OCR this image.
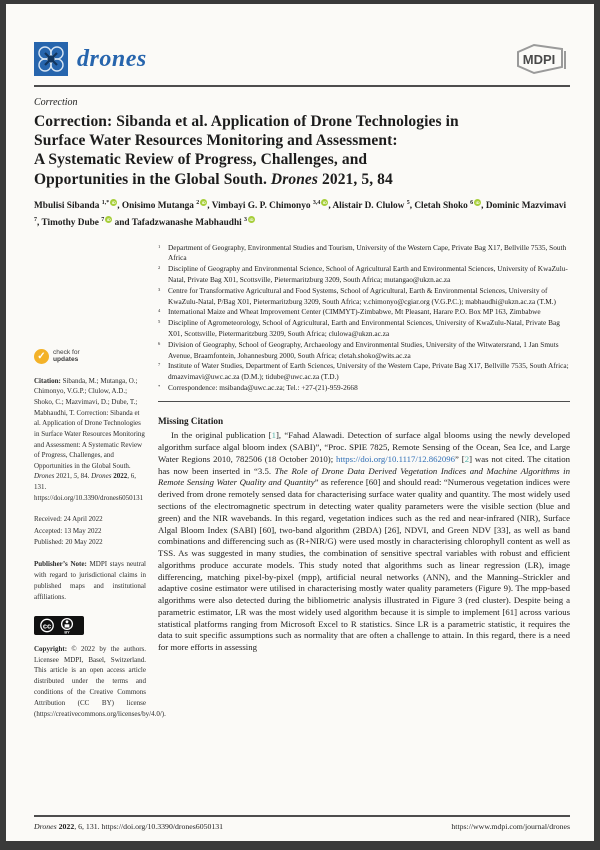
drones	MDPI
Correction
Correction: Sibanda et al. Application of Drone Technologies in
Surface Water Resources Monitoring and Assessment:
A Systematic Review of Progress, Challenges, and
Opportunities in the Global South. Drones 2021, 5, 84
Mbulisi Sibanda $^{1,*}$ iD , Onisimo Mutanga $^2$ iD , Vimbayi G. P. Chimonyo $^{3,4}$ iD , Alistair D. Clulow $^5$, Cletah Shoko $^6$ iD , Dominic Mazvimavi $^7$, Timothy Dube $^7$ iD and Tafadzwanashe Mabhaudhi $^3$ iD
✓	check for
updates
Citation: Sibanda, M.; Mutanga, O.; Chimonyo, V.G.P.; Clulow, A.D.; Shoko, C.; Mazvimavi, D.; Dube, T.; Mabhaudhi, T. Correction: Sibanda et al. Application of Drone Technologies in Surface Water Resources Monitoring and Assessment: A Systematic Review of Progress, Challenges, and Opportunities in the Global South. Drones 2021, 5, 84. Drones 2022, 6, 131. https://doi.org/10.3390/drones6050131
Received: 24 April 2022
Accepted: 13 May 2022
Published: 20 May 2022
Publisher’s Note: MDPI stays neutral with regard to jurisdictional claims in published maps and institutional affiliations.
cc
BY
Copyright: © 2022 by the authors. Licensee MDPI, Basel, Switzerland. This article is an open access article distributed under the terms and conditions of the Creative Commons Attribution (CC BY) license (https://creativecommons.org/licenses/by/4.0/).
$^1$	Department of Geography, Environmental Studies and Tourism, University of the Western Cape, Private Bag X17, Bellville 7535, South Africa
$^2$	Discipline of Geography and Environmental Science, School of Agricultural Earth and Environmental Sciences, University of KwaZulu-Natal, Private Bag X01, Scottsville, Pietermaritzburg 3209, South Africa; mutangao@ukzn.ac.za
$^3$	Centre for Transformative Agricultural and Food Systems, School of Agricultural, Earth & Environmental Sciences, University of KwaZulu-Natal, P/Bag X01, Pietermaritzburg 3209, South Africa; v.chimonyo@cgiar.org (V.G.P.C.); mabhaudhi@ukzn.ac.za (T.M.)
$^4$	International Maize and Wheat Improvement Center (CIMMYT)-Zimbabwe, Mt Pleasant, Harare P.O. Box MP 163, Zimbabwe
$^5$	Discipline of Agrometeorology, School of Agricultural, Earth and Environmental Sciences, University of KwaZulu-Natal, Private Bag X01, Scottsville, Pietermaritzburg 3209, South Africa; clulowa@ukzn.ac.za
$^6$	Division of Geography, School of Geography, Archaeology and Environmental Studies, University of the Witwatersrand, 1 Jan Smuts Avenue, Braamfontein, Johannesburg 2000, South Africa; cletah.shoko@wits.ac.za
$^7$	Institute of Water Studies, Department of Earth Sciences, University of the Western Cape, Private Bag X17, Bellville 7535, South Africa; dmazvimavi@uwc.ac.za (D.M.); tidube@uwc.ac.za (T.D.)
*	Correspondence: msibanda@uwc.ac.za; Tel.: +27-(21)-959-2668
Missing Citation

In the original publication [1], “Fahad Alawadi. Detection of surface algal blooms using the newly developed algorithm surface algal bloom index (SABI)”, “Proc. SPIE 7825, Remote Sensing of the Ocean, Sea Ice, and Large Water Regions 2010, 782506 (18 October 2010); https://doi.org/10.1117/12.862096” [2] was not cited. The citation has now been inserted in “3.5. The Role of Drone Data Derived Vegetation Indices and Machine Algorithms in Remote Sensing Water Quality and Quantity” as reference [60] and should read: “Numerous vegetation indices were derived from drone remotely sensed data for characterising surface water quality and quantity. The most widely used sections of the electromagnetic spectrum in detecting water quality parameters were the visible section (blue and green) and the NIR wavebands. In this regard, vegetation indices such as the red and near-infrared (NIR), Surface Algal Bloom Index (SABI) [60], two-band algorithm (2BDA) [26], NDVI, and Green NDV [33], as well as band combinations and differencing such as (R+NIR/G) were used mostly in characterising chlorophyll content as well as TSS. As was suggested in many studies, the combination of sensitive spectral variables with robust and efficient algorithms produce accurate models. This study noted that algorithms such as linear regression (LR), image differencing, matching pixel-by-pixel (mpp), artificial neural networks (ANN), and the Manning–Strickler and adaptive cosine estimator were utilised in characterising mostly water quality parameters (Figure 9). The mpp-based algorithms were also detected during the bibliometric analysis illustrated in Figure 3 (red cluster). Despite being a parametric estimator, LR was the most widely used algorithm because it is simple to implement [61] across various statistical platforms ranging from Microsoft Excel to R statistics. Since LR is a parametric statistic, it requires the data to suit specific assumptions such as normality that are often a challenge to attain. In this regard, there is a need for more efforts in assessing

Drones 2022, 6, 131. https://doi.org/10.3390/drones6050131	https://www.mdpi.com/journal/drones
